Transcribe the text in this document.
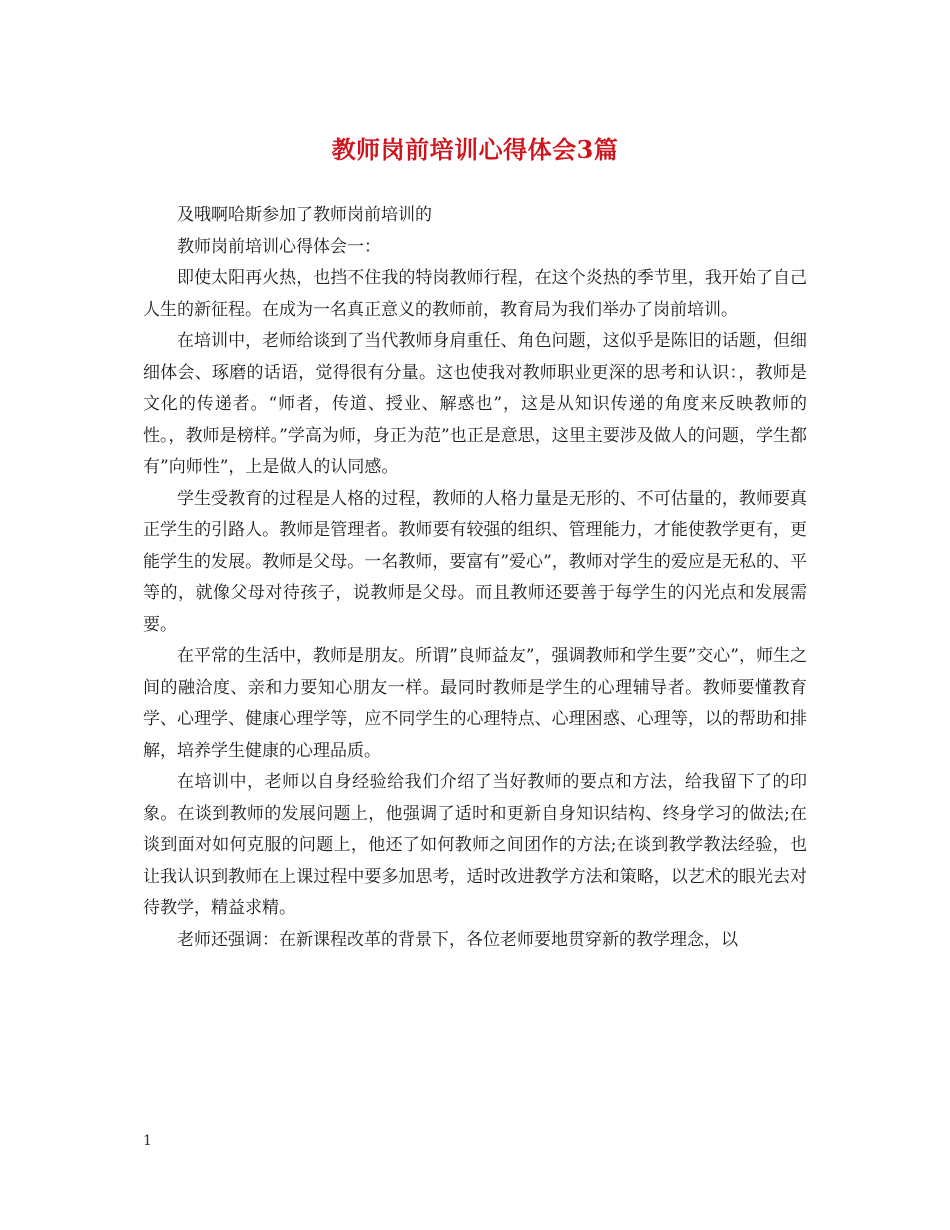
教师岗前培训心得体会3篇

及哦啊哈斯参加了教师岗前培训的

教师岗前培训心得体会一：

即使太阳再火热，也挡不住我的特岗教师行程，在这个炎热的季节里，我开始了自己人生的新征程。在成为一名真正意义的教师前，教育局为我们举办了岗前培训。

在培训中，老师给谈到了当代教师身肩重任、角色问题，这似乎是陈旧的话题，但细细体会、琢磨的话语，觉得很有分量。这也使我对教师职业更深的思考和认识：，教师是文化的传递者。“师者，传道、授业、解惑也”，这是从知识传递的角度来反映教师的性。，教师是榜样。”学高为师，身正为范”也正是意思，这里主要涉及做人的问题，学生都有”向师性”，上是做人的认同感。

学生受教育的过程是人格的过程，教师的人格力量是无形的、不可估量的，教师要真正学生的引路人。教师是管理者。教师要有较强的组织、管理能力，才能使教学更有，更能学生的发展。教师是父母。一名教师，要富有”爱心”，教师对学生的爱应是无私的、平等的，就像父母对待孩子，说教师是父母。而且教师还要善于每学生的闪光点和发展需要。

在平常的生活中，教师是朋友。所谓”良师益友”，强调教师和学生要”交心”，师生之间的融洽度、亲和力要知心朋友一样。最同时教师是学生的心理辅导者。教师要懂教育学、心理学、健康心理学等，应不同学生的心理特点、心理困惑、心理等，以的帮助和排解，培养学生健康的心理品质。

在培训中，老师以自身经验给我们介绍了当好教师的要点和方法，给我留下了的印象。在谈到教师的发展问题上，他强调了适时和更新自身知识结构、终身学习的做法;在谈到面对如何克服的问题上，他还了如何教师之间团作的方法;在谈到教学教法经验，也让我认识到教师在上课过程中要多加思考，适时改进教学方法和策略，以艺术的眼光去对待教学，精益求精。

老师还强调：在新课程改革的背景下，各位老师要地贯穿新的教学理念，以

1
